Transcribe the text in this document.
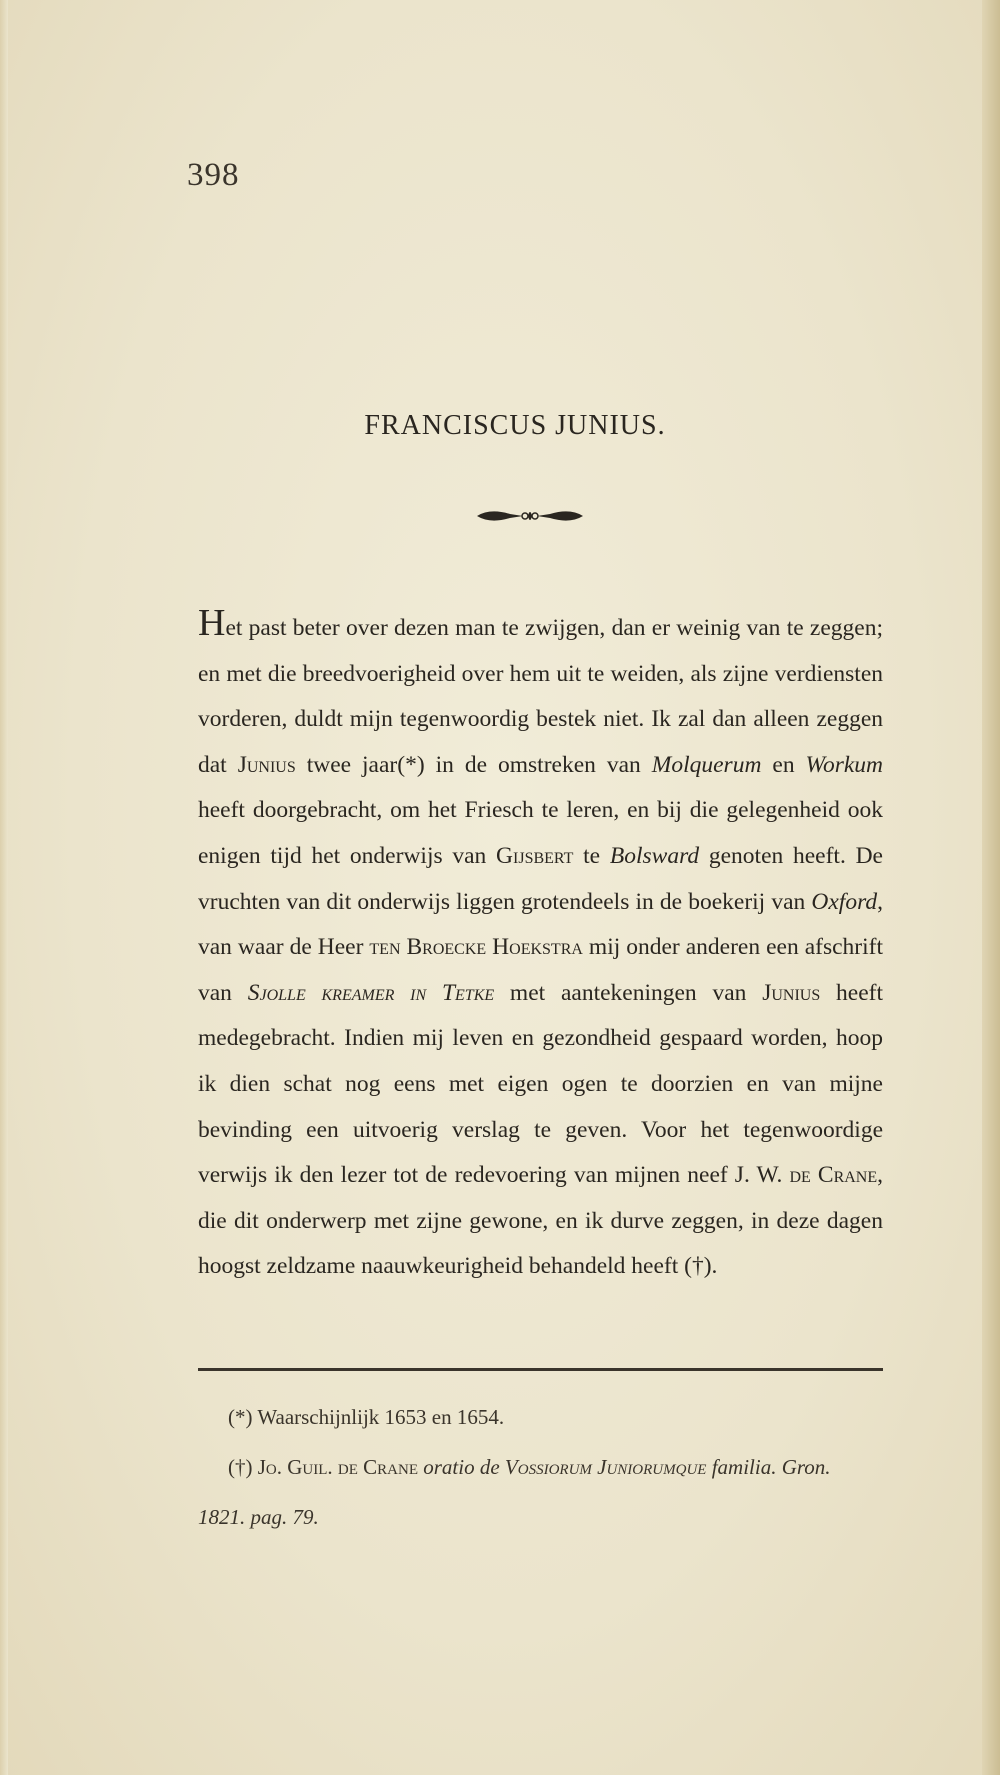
398
FRANCISCUS JUNIUS.

Het past beter over dezen man te zwijgen, dan er weinig van te zeggen; en met die breedvoerigheid over hem uit te weiden, als zijne verdiensten vorderen, duldt mijn tegenwoordig bestek niet. Ik zal dan alleen zeggen dat Junius twee jaar(*) in de omstreken van Molquerum en Workum heeft doorgebracht, om het Friesch te leren, en bij die gelegenheid ook enigen tijd het onderwijs van Gijsbert te Bolsward genoten heeft. De vruchten van dit onderwijs liggen grotendeels in de boekerij van Oxford, van waar de Heer ten Broecke Hoekstra mij onder anderen een afschrift van Sjolle kreamer in Tetke met aantekeningen van Junius heeft medegebracht. Indien mij leven en gezondheid gespaard worden, hoop ik dien schat nog eens met eigen ogen te doorzien en van mijne bevinding een uitvoerig verslag te geven. Voor het tegenwoordige verwijs ik den lezer tot de redevoering van mijnen neef J. W. de Crane, die dit onderwerp met zijne gewone, en ik durve zeggen, in deze dagen hoogst zeldzame naauwkeurigheid behandeld heeft (†).

(*) Waarschijnlijk 1653 en 1654.

(†) Jo. Guil. de Crane oratio de Vossiorum Juniorumque familia. Gron. 1821. pag. 79.
